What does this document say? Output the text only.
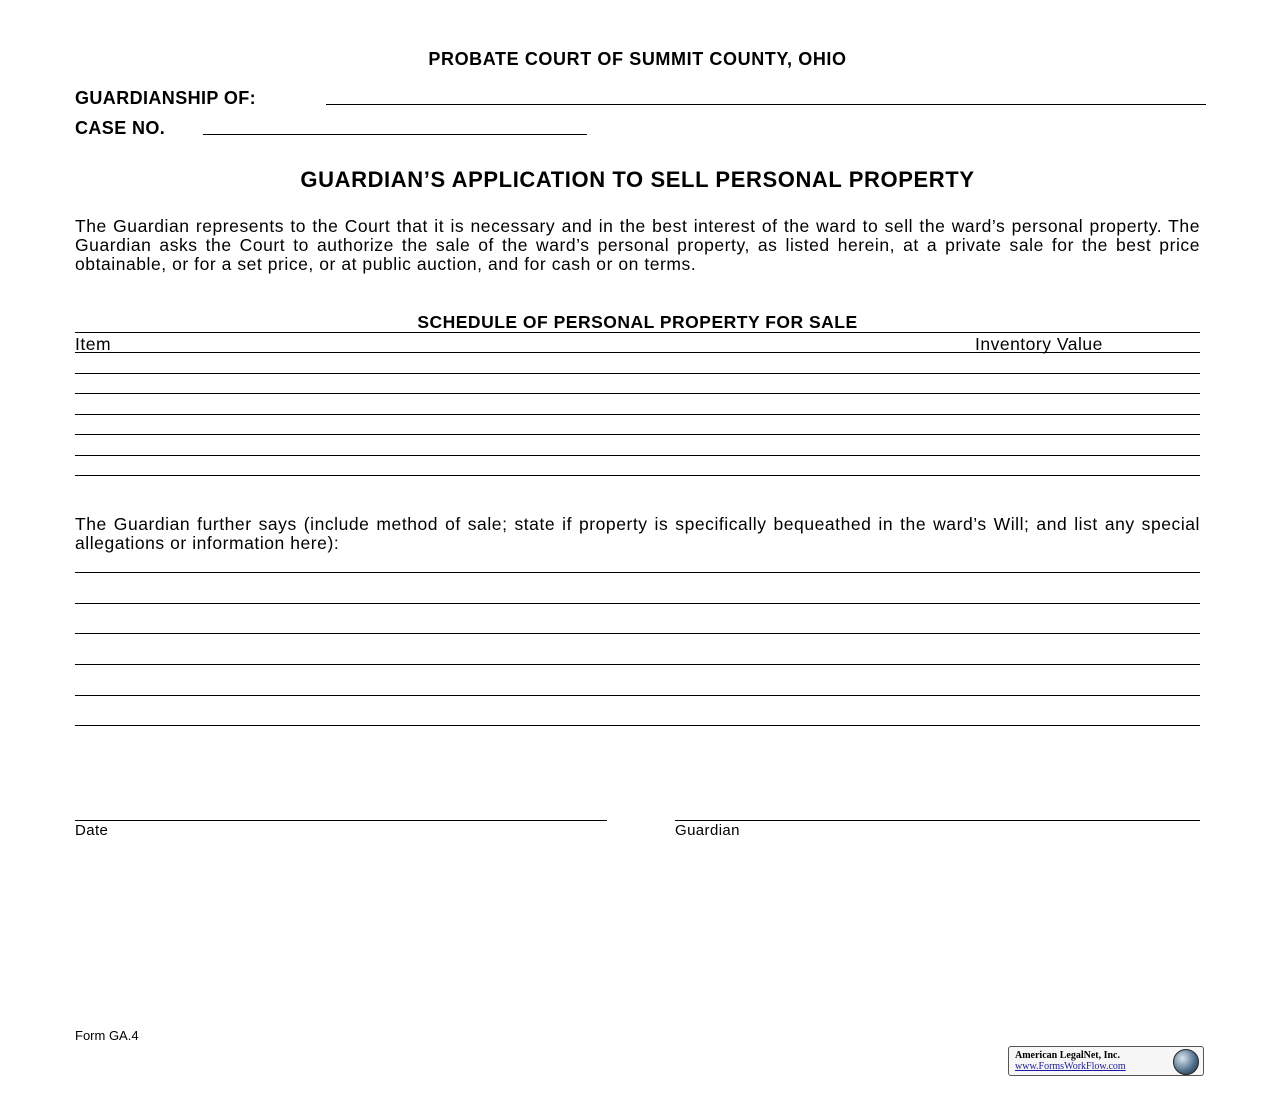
PROBATE COURT OF SUMMIT COUNTY, OHIO
GUARDIANSHIP OF:
CASE NO.
GUARDIAN’S APPLICATION TO SELL PERSONAL PROPERTY
The Guardian represents to the Court that it is necessary and in the best interest of the ward to sell the ward’s personal property. The Guardian asks the Court to authorize the sale of the ward’s personal property, as listed herein, at a private sale for the best price obtainable, or for a set price, or at public auction, and for cash or on terms.
SCHEDULE OF PERSONAL PROPERTY FOR SALE
Item	Inventory Value
The Guardian further says (include method of sale; state if property is specifically bequeathed in the ward’s Will; and list any special allegations or information here):
Date	Guardian
Form GA.4
American LegalNet, Inc.
www.FormsWorkFlow.com
